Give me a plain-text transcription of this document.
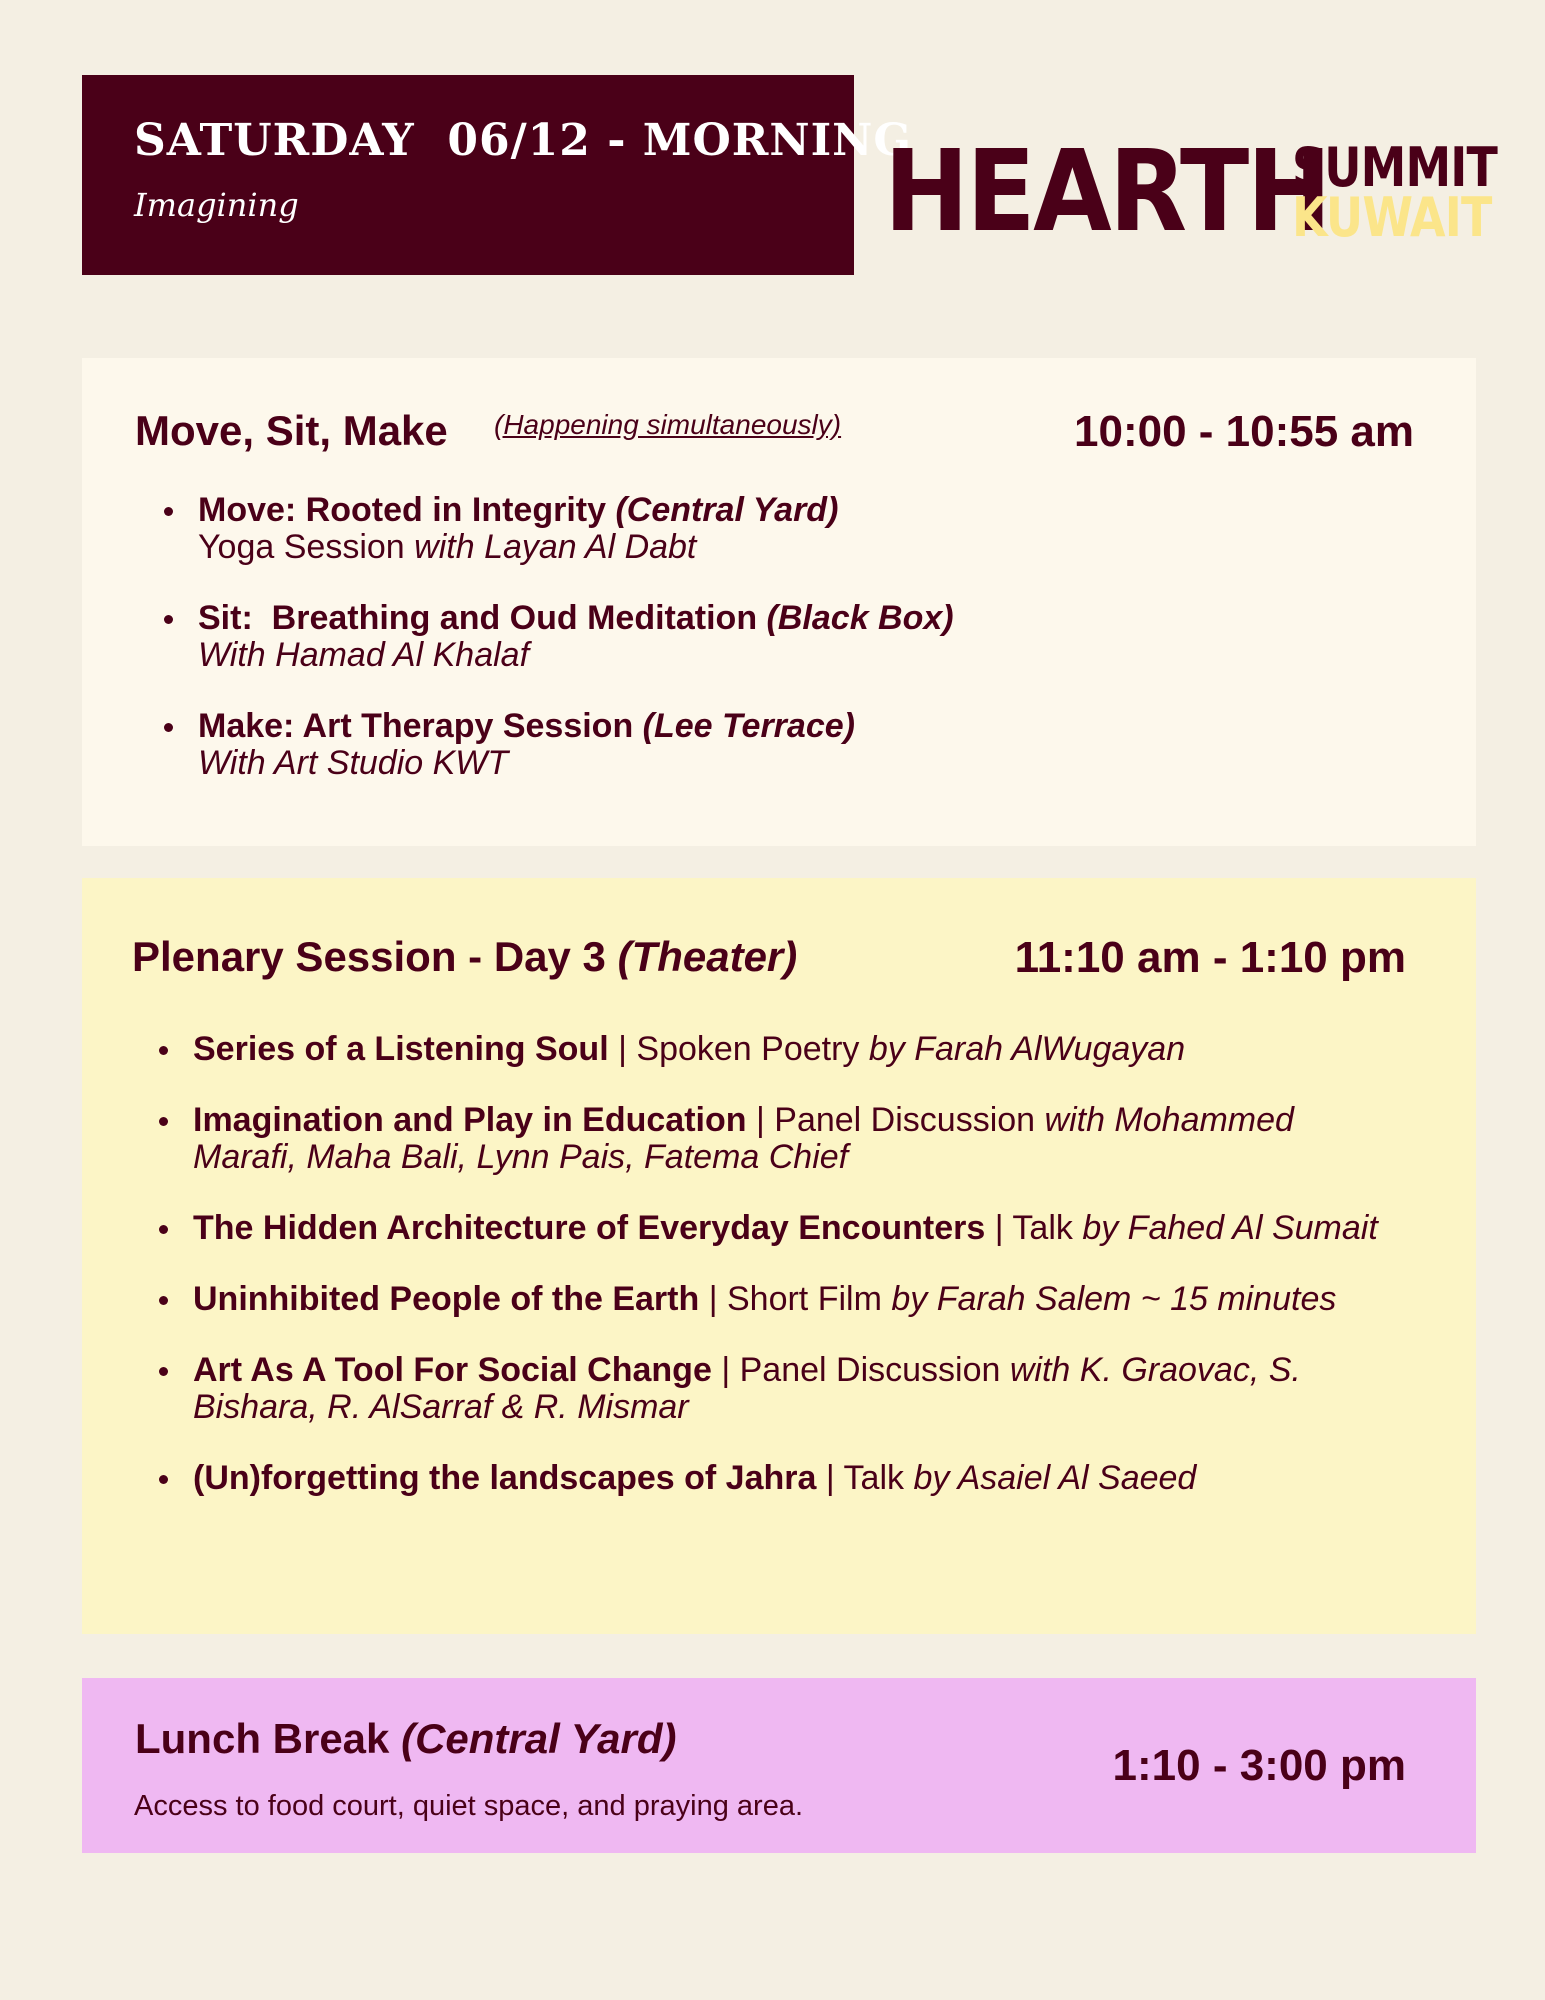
SATURDAY  06/12 - MORNING
Imagining	HEARTH
SUMMIT
KUWAIT
Move, Sit, Make (Happening simultaneously)	10:00 - 10:55 am
Move: Rooted in Integrity (Central Yard)
Yoga Session with Layan Al Dabt
Sit:  Breathing and Oud Meditation (Black Box)
With Hamad Al Khalaf
Make: Art Therapy Session (Lee Terrace)
With Art Studio KWT
Plenary Session - Day 3 (Theater)	11:10 am - 1:10 pm
Series of a Listening Soul | Spoken Poetry by Farah AlWugayan
Imagination and Play in Education | Panel Discussion with Mohammed Marafi, Maha Bali, Lynn Pais, Fatema Chief
The Hidden Architecture of Everyday Encounters | Talk by Fahed Al Sumait
Uninhibited People of the Earth | Short Film by Farah Salem ~ 15 minutes
Art As A Tool For Social Change | Panel Discussion with K. Graovac, S. Bishara, R. AlSarraf & R. Mismar
(Un)forgetting the landscapes of Jahra | Talk by Asaiel Al Saeed
Lunch Break (Central Yard)
Access to food court, quiet space, and praying area.
1:10 - 3:00 pm
